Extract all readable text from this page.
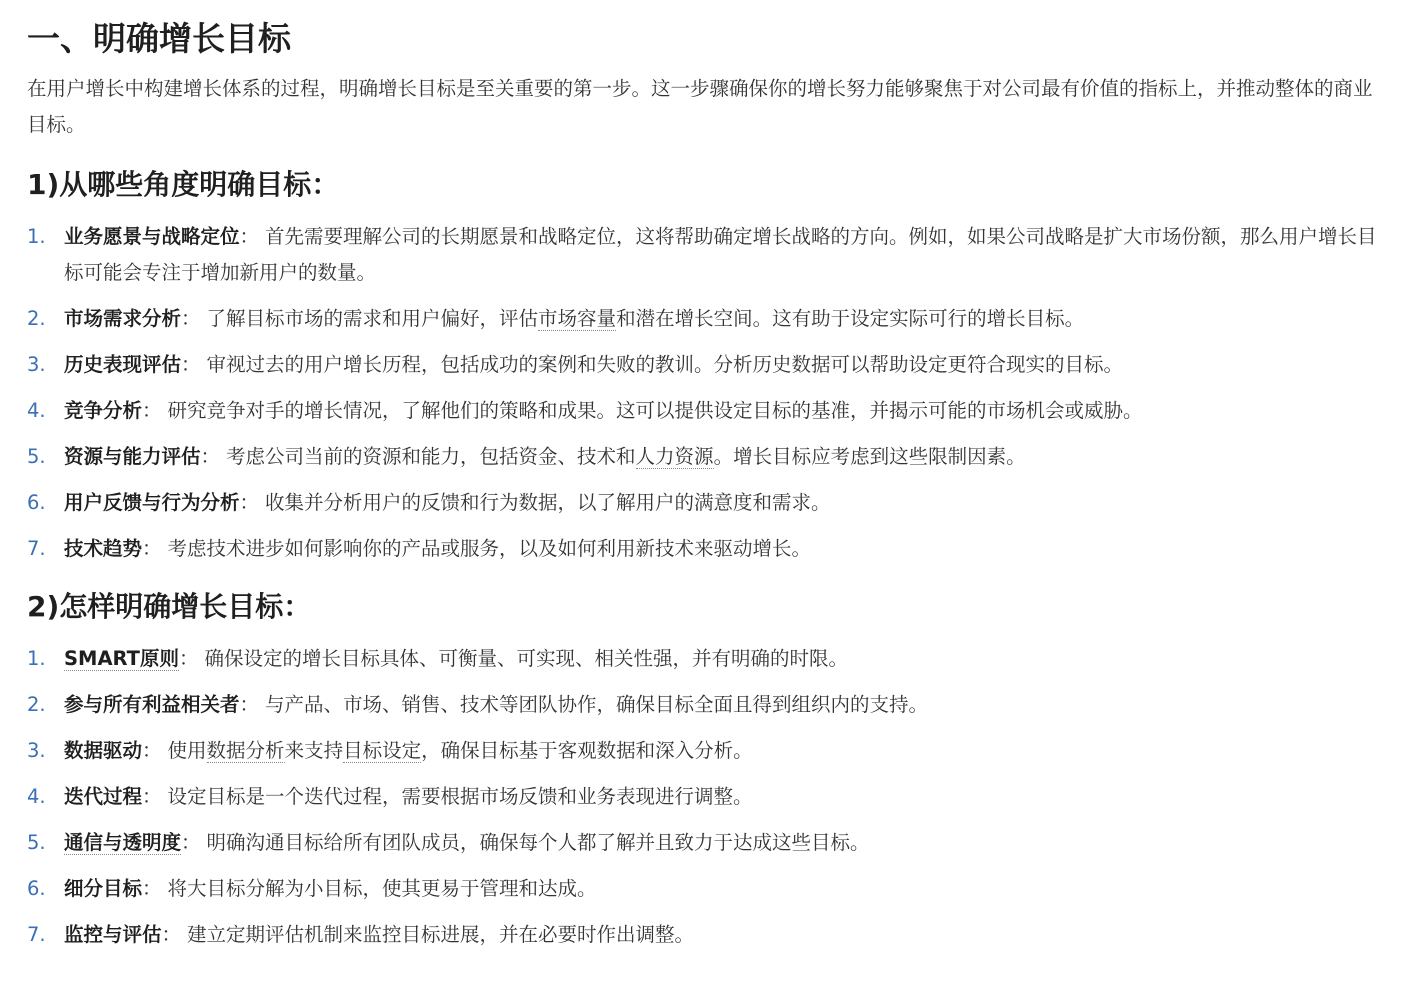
一、明确增长目标

在用户增长中构建增长体系的过程，明确增长目标是至关重要的第一步。这一步骤确保你的增长努力能够聚焦于对公司最有价值的指标上，并推动整体的商业目标。

1)从哪些角度明确目标：
1. 业务愿景与战略定位： 首先需要理解公司的长期愿景和战略定位，这将帮助确定增长战略的方向。例如，如果公司战略是扩大市场份额，那么用户增长目标可能会专注于增加新用户的数量。
2. 市场需求分析： 了解目标市场的需求和用户偏好，评估市场容量和潜在增长空间。这有助于设定实际可行的增长目标。
3. 历史表现评估： 审视过去的用户增长历程，包括成功的案例和失败的教训。分析历史数据可以帮助设定更符合现实的目标。
4. 竞争分析： 研究竞争对手的增长情况，了解他们的策略和成果。这可以提供设定目标的基准，并揭示可能的市场机会或威胁。
5. 资源与能力评估： 考虑公司当前的资源和能力，包括资金、技术和人力资源。增长目标应考虑到这些限制因素。
6. 用户反馈与行为分析： 收集并分析用户的反馈和行为数据，以了解用户的满意度和需求。
7. 技术趋势： 考虑技术进步如何影响你的产品或服务，以及如何利用新技术来驱动增长。
2)怎样明确增长目标：
1. SMART原则： 确保设定的增长目标具体、可衡量、可实现、相关性强，并有明确的时限。
2. 参与所有利益相关者： 与产品、市场、销售、技术等团队协作，确保目标全面且得到组织内的支持。
3. 数据驱动： 使用数据分析来支持目标设定，确保目标基于客观数据和深入分析。
4. 迭代过程： 设定目标是一个迭代过程，需要根据市场反馈和业务表现进行调整。
5. 通信与透明度： 明确沟通目标给所有团队成员，确保每个人都了解并且致力于达成这些目标。
6. 细分目标： 将大目标分解为小目标，使其更易于管理和达成。
7. 监控与评估： 建立定期评估机制来监控目标进展，并在必要时作出调整。
